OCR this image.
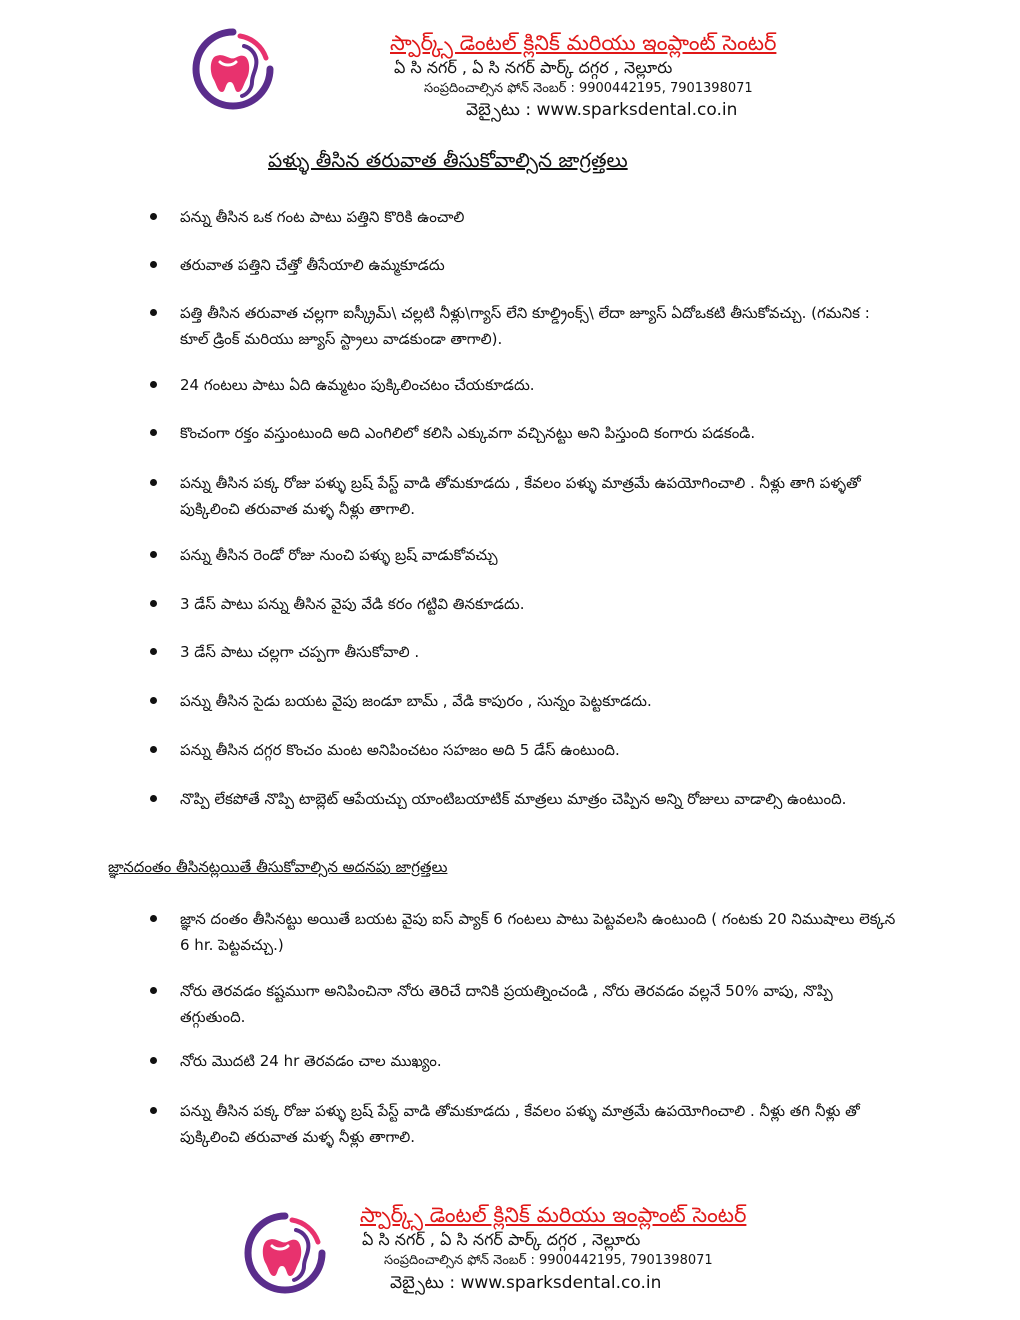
స్పార్క్స్ డెంటల్ క్లినిక్ మరియు ఇంప్లాంట్ సెంటర్
ఏ సి నగర్ , ఏ సి నగర్ పార్క్ దగ్గర , నెల్లూరు
సంప్రదించాల్సిన ఫోన్ నెంబర్ : 9900442195, 7901398071
వెబ్సైటు : www.sparksdental.co.in
పళ్ళు తీసిన తరువాత తీసుకోవాల్సిన జాగ్రత్తలు
పన్ను తీసిన ఒక గంట పాటు పత్తిని కొరికి ఉంచాలి
తరువాత పత్తిని చేత్తో తీసేయాలి ఉమ్మకూడదు
పత్తి తీసిన తరువాత చల్లగా ఐస్క్రీమ్\ చల్లటి నీళ్లు\గ్యాస్ లేని కూల్డ్రింక్స్\ లేదా జ్యూస్ ఏదోఒకటి తీసుకోవచ్చు. (గమనిక : కూల్ డ్రింక్ మరియు జ్యూస్ స్ట్రాలు వాడకుండా తాగాలి).
24 గంటలు పాటు ఏది ఉమ్మటం పుక్కిలించటం చేయకూడదు.
కొంచంగా రక్తం వస్తుంటుంది అది ఎంగిలిలో కలిసి ఎక్కువగా వచ్చినట్టు అని పిస్తుంది కంగారు పడకండి.
పన్ను తీసిన పక్క రోజు పళ్ళు బ్రష్ పేస్ట్ వాడి తోమకూడదు , కేవలం పళ్ళు మాత్రమే ఉపయోగించాలి . నీళ్లు తాగి పళ్ళతో పుక్కిలించి తరువాత మళ్ళ నీళ్లు తాగాలి.
పన్ను తీసిన రెండో రోజు నుంచి పళ్ళు బ్రష్ వాడుకోవచ్చు
3 డేస్ పాటు పన్ను తీసిన వైపు వేడి కరం గట్టివి తినకూడదు.
3 డేస్ పాటు చల్లగా చప్పగా తీసుకోవాలి .
పన్ను తీసిన సైడు బయట వైపు జండూ బామ్ , వేడి కాపురం , సున్నం పెట్టకూడదు.
పన్ను తీసిన దగ్గర కొంచం మంట అనిపించటం సహజం అది 5 డేస్ ఉంటుంది.
నొప్పి లేకపోతే నొప్పి టాబ్లెట్ ఆపేయచ్చు యాంటిబయాటిక్ మాత్రలు మాత్రం చెప్పిన అన్ని రోజులు వాడాల్సి ఉంటుంది.
జ్ఞానదంతం తీసినట్లయితే తీసుకోవాల్సిన అదనపు జాగ్రత్తలు
జ్ఞాన దంతం తీసినట్టు అయితే బయట వైపు ఐస్ ప్యాక్ 6 గంటలు పాటు పెట్టవలసి ఉంటుంది ( గంటకు 20 నిముషాలు లెక్కన 6 hr. పెట్టవచ్చు.)
నోరు తెరవడం కష్టముగా అనిపించినా నోరు తెరిచే దానికి ప్రయత్నించండి , నోరు తెరవడం వల్లనే 50% వాపు, నొప్పి తగ్గుతుంది.
నోరు మొదటి 24 hr తెరవడం చాల ముఖ్యం.
పన్ను తీసిన పక్క రోజు పళ్ళు బ్రష్ పేస్ట్ వాడి తోమకూడదు , కేవలం పళ్ళు మాత్రమే ఉపయోగించాలి . నీళ్లు తగి నీళ్లు తో పుక్కిలించి తరువాత మళ్ళ నీళ్లు తాగాలి.
స్పార్క్స్ డెంటల్ క్లినిక్ మరియు ఇంప్లాంట్ సెంటర్
ఏ సి నగర్ , ఏ సి నగర్ పార్క్ దగ్గర , నెల్లూరు
సంప్రదించాల్సిన ఫోన్ నెంబర్ : 9900442195, 7901398071
వెబ్సైటు : www.sparksdental.co.in
